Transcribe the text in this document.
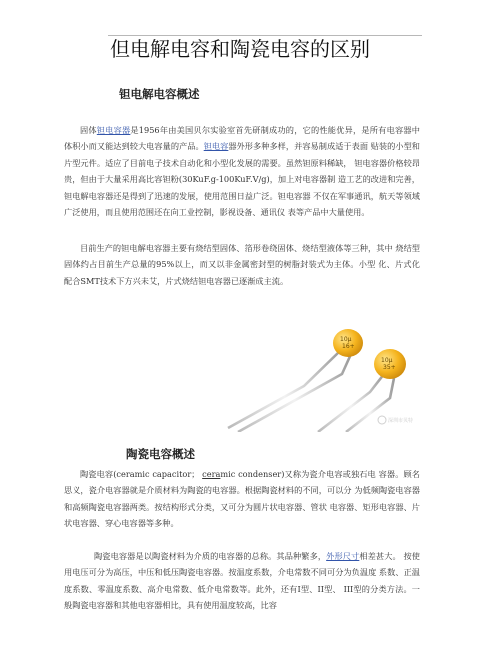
但电解电容和陶瓷电容的区别
钽电解电容概述

固体钽电容器是1956年由美国贝尔实验室首先研制成功的，它的性能优异，是所有电容器中体积小而又能达到较大电容量的产品。钽电容器外形多种多样，并容易制成适于表面 贴装的小型和片型元件。适应了目前电子技术自动化和小型化发展的需要。虽然钽原料稀缺， 钽电容器价格较昂贵，但由于大量采用高比容钽粉(30KuF.g-100KuF.V/g)，加上对电容器制 造工艺的改进和完善，钽电解电容器还是得到了迅速的发展，使用范围日益广泛。钽电容器 不仅在军事通讯，航天等领域广泛使用，而且使用范围还在向工业控制，影视设备、通讯仪 表等产品中大量使用。

目前生产的钽电解电容器主要有烧结型固体、箔形卷绕固体、烧结型液体等三种，其中 烧结型固体约占目前生产总量的95%以上，而又以非金属密封型的树脂封装式为主体。小型 化、片式化配合SMT技术下方兴未艾，片式烧结钽电容器已逐渐成主流。

10μ
16+
10μ
35+
深圳市贝特
陶瓷电容概述

陶瓷电容(ceramic capacitor； ceramic condenser)又称为瓷介电容或独石电 容器。顾名思义，瓷介电容器就是介质材料为陶瓷的电容器。根据陶瓷材料的不同，可以分 为低频陶瓷电容器和高频陶瓷电容器两类。按结构形式分类，又可分为圆片状电容器、管状 电容器、矩形电容器、片状电容器、穿心电容器等多种。

陶瓷电容器是以陶瓷材料为介质的电容器的总称。其品种繁多，外形尺寸相差甚大。 按使用电压可分为高压，中压和低压陶瓷电容器。按温度系数，介电常数不同可分为负温度 系数、正温度系数、零温度系数、高介电常数、低介电常数等。此外，还有I型、II型、 III型的分类方法。一般陶瓷电容器和其他电容器相比，具有使用温度较高，比容
